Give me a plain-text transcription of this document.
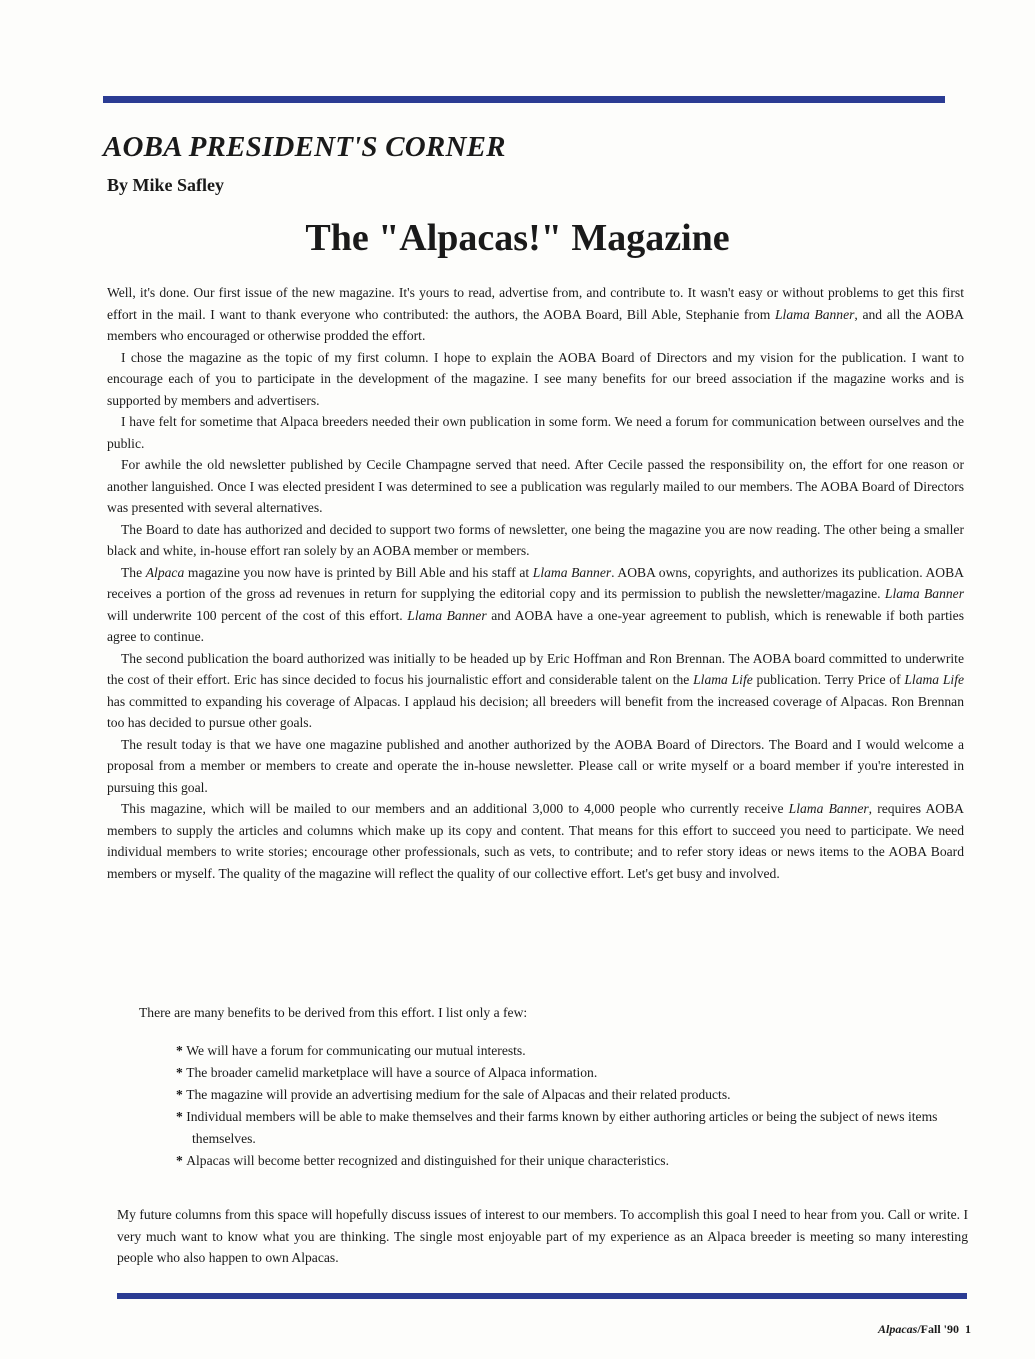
AOBA PRESIDENT'S CORNER
By Mike Safley
The "Alpacas!" Magazine

Well, it's done. Our first issue of the new magazine. It's yours to read, advertise from, and contribute to. It wasn't easy or without problems to get this first effort in the mail. I want to thank everyone who contributed: the authors, the AOBA Board, Bill Able, Stephanie from Llama Banner, and all the AOBA members who encouraged or otherwise prodded the effort.

I chose the magazine as the topic of my first column. I hope to explain the AOBA Board of Directors and my vision for the publication. I want to encourage each of you to participate in the development of the magazine. I see many benefits for our breed association if the magazine works and is supported by members and advertisers.

I have felt for sometime that Alpaca breeders needed their own publication in some form. We need a forum for communication between ourselves and the public.

For awhile the old newsletter published by Cecile Champagne served that need. After Cecile passed the responsibility on, the effort for one reason or another languished. Once I was elected president I was determined to see a publication was regularly mailed to our members. The AOBA Board of Directors was presented with several alternatives.

The Board to date has authorized and decided to support two forms of newsletter, one being the magazine you are now reading. The other being a smaller black and white, in-house effort ran solely by an AOBA member or members.

The Alpaca magazine you now have is printed by Bill Able and his staff at Llama Banner. AOBA owns, copyrights, and authorizes its publication. AOBA receives a portion of the gross ad revenues in return for supplying the editorial copy and its permission to publish the newsletter/magazine. Llama Banner will underwrite 100 percent of the cost of this effort. Llama Banner and AOBA have a one-year agreement to publish, which is renewable if both parties agree to continue.

The second publication the board authorized was initially to be headed up by Eric Hoffman and Ron Brennan. The AOBA board committed to underwrite the cost of their effort. Eric has since decided to focus his journalistic effort and considerable talent on the Llama Life publication. Terry Price of Llama Life has committed to expanding his coverage of Alpacas. I applaud his decision; all breeders will benefit from the increased coverage of Alpacas. Ron Brennan too has decided to pursue other goals.

The result today is that we have one magazine published and another authorized by the AOBA Board of Directors. The Board and I would welcome a proposal from a member or members to create and operate the in-house newsletter. Please call or write myself or a board member if you're interested in pursuing this goal.

This magazine, which will be mailed to our members and an additional 3,000 to 4,000 people who currently receive Llama Banner, requires AOBA members to supply the articles and columns which make up its copy and content. That means for this effort to succeed you need to participate. We need individual members to write stories; encourage other professionals, such as vets, to contribute; and to refer story ideas or news items to the AOBA Board members or myself. The quality of the magazine will reflect the quality of our collective effort. Let's get busy and involved.

There are many benefits to be derived from this effort. I list only a few:

* We will have a forum for communicating our mutual interests.
* The broader camelid marketplace will have a source of Alpaca information.
* The magazine will provide an advertising medium for the sale of Alpacas and their related products.
* Individual members will be able to make themselves and their farms known by either authoring articles or being the subject of news items themselves.
* Alpacas will become better recognized and distinguished for their unique characteristics.

My future columns from this space will hopefully discuss issues of interest to our members. To accomplish this goal I need to hear from you. Call or write. I very much want to know what you are thinking. The single most enjoyable part of my experience as an Alpaca breeder is meeting so many interesting people who also happen to own Alpacas.

Alpacas/Fall '90 1
